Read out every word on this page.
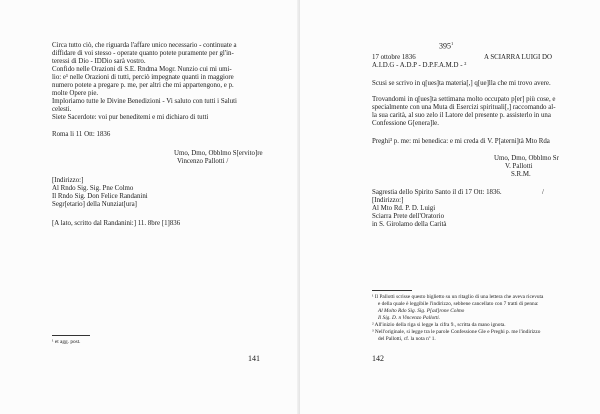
Circa tutto ciò, che riguarda l'affare unico necessario - continuate a
diffidare di voi stesso - operate quanto potete puramente per gl'in-
teressi di Dio - IDDio sarà vostro.
Confido nelle Orazioni di S.E. Rndma Mogr. Nunzio cui mi umi-
lio: e¹ nelle Orazioni di tutti, perciò impegnate quanti in maggiore
numero potete a pregare p. me, per altri che mi appartengono, e p.
molte Opere pie.
Imploriamo tutte le Divine Benedizioni - Vi saluto con tutti i Saluti
celesti.
Siete Sacerdote: voi pur beneditemi e mi dichiaro di tutti
Roma li 11 Ott: 1836
Umo, Dmo, Obblmo S[ervito]re
Vincenzo Pallotti /
[Indirizzo:]
Al Rndo Sig. Sig. Pne Colmo
Il Rndo Sig. Don Felice Randanini
Segr[etario] della Nunziat[ura]
[A lato, scritto dal Randanini:] 11. 8bre [1]836
¹ et agg. post.
141
$395^1$
17 ottobre 1836	A SCIARRA LUIGI DO
A.I.D.G - A.D.P - D.P.F.A.M.D - ²
Scusi se scrivo in q[ues]ta materia[,] q[ue]lla che mi trovo avere.
Trovandomi in q[ues]ta settimana molto occupato p[er] più cose, e
specialmente con una Muta di Esercizi spirituali[,] raccomando al-
la sua carità, al suo zelo il Latore del presente p. assisterlo in una
Confessione G[enera]le.
Preghi³ p. me: mi benedica: e mi creda di V. P[aterni]tà Mto Rda
Umo, Dmo, Obblmo Sr
V. Pallotti
S.R.M.
Sagrestia dello Spirito Santo il dì 17 Ott: 1836.	/
[Indirizzo:]
Al Mto Rd. P. D. Luigi
Sciarra Prete dell'Oratorio
in S. Girolamo della Carità
¹ Il Pallotti scrisse questo biglietto su un ritaglio di una lettera che aveva ricevuta
e della quale è leggibile l'indirizzo, sebbene cancellato con 7 tratti di penna:
Al Molto Rdo Sig. Sig. P[ad]rone Colmo
Il Sig. D. n Vincenzo Pallotti.
² All'inizio della riga si legge la cifra 9., scritta da mano ignota.
³ Nell'originale, si legge tra le parole Confessione Gle e Preghi p. me l'indirizzo
del Pallotti, cf. la nota nº 1.
142
